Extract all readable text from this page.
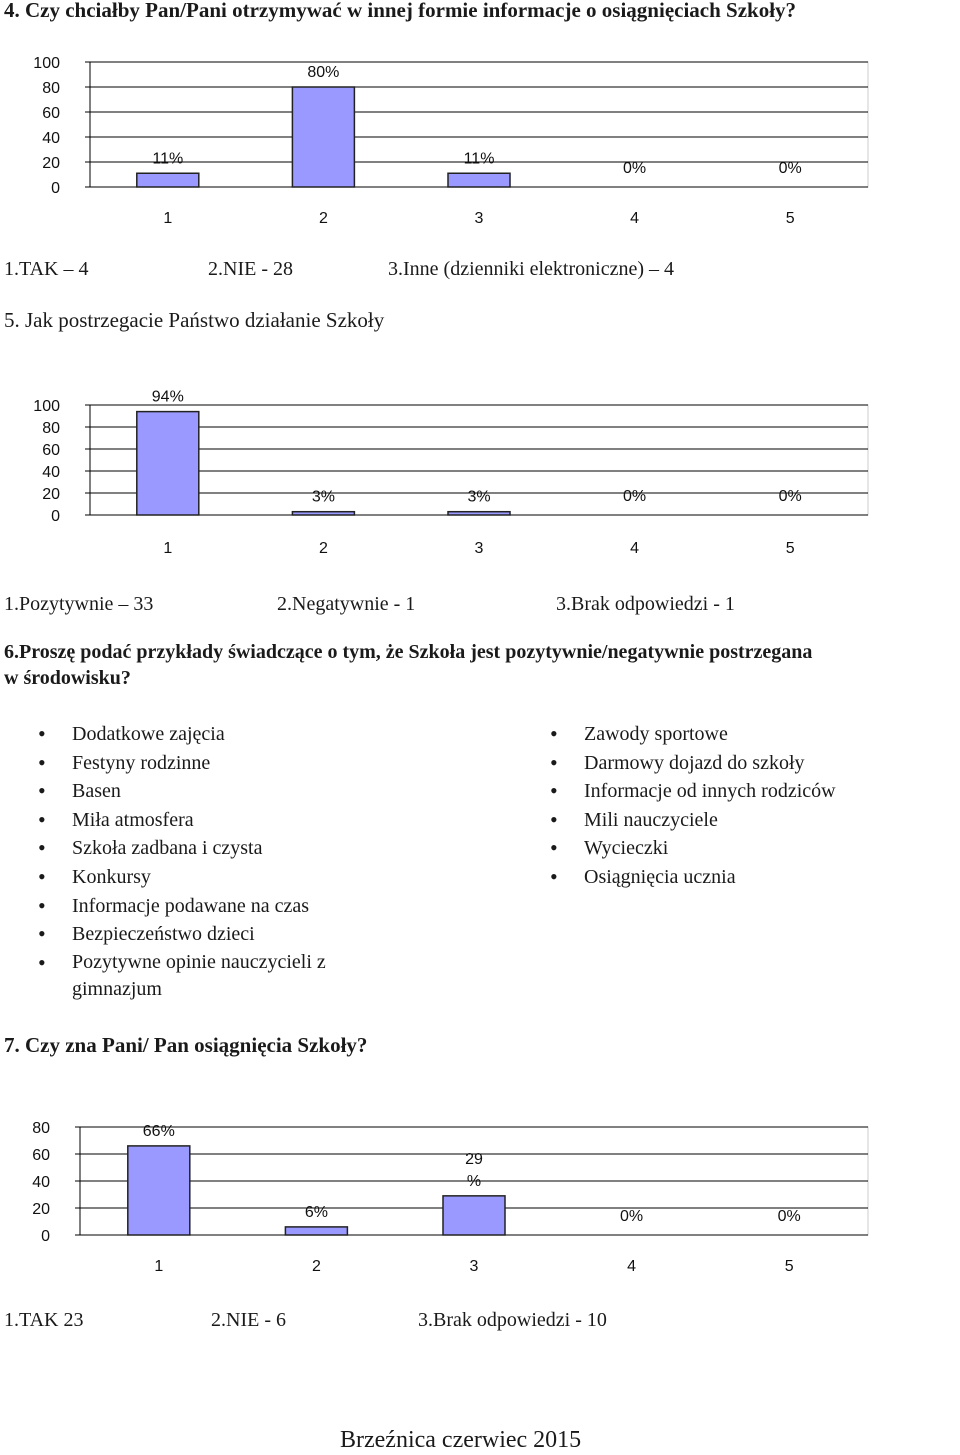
4. Czy chciałby Pan/Pani otrzymywać w innej formie informacje o osiągnięciach Szkoły?
0
20
40
60
80
100
11%
1
80%
2
11%
3
0%
4
0%
5
1.TAK – 4	2.NIE - 28	3.Inne (dzienniki elektroniczne) – 4
5. Jak postrzegacie Państwo działanie Szkoły
0
20
40
60
80
100
94%
1
3%
2
3%
3
0%
4
0%
5
1.Pozytywnie – 33	2.Negatywnie - 1	3.Brak odpowiedzi - 1
6.Proszę podać przykłady świadczące o tym, że Szkoła jest pozytywnie/negatywnie postrzegana
w środowisku?
• Dodatkowe zajęcia
• Festyny rodzinne
• Basen
• Miła atmosfera
• Szkoła zadbana i czysta
• Konkursy
• Informacje podawane na czas
• Bezpieczeństwo dzieci
• Pozytywne opinie nauczycieli z gimnazjum
• Zawody sportowe
• Darmowy dojazd do szkoły
• Informacje od innych rodziców
• Mili nauczyciele
• Wycieczki
• Osiągnięcia ucznia
7. Czy zna Pani/ Pan osiągnięcia Szkoły?
0
20
40
60
80	66%
1
6%
2
29
%
3
0%
4
0%
5
1.TAK 23	2.NIE - 6	3.Brak odpowiedzi - 10
Brzeźnica czerwiec 2015
